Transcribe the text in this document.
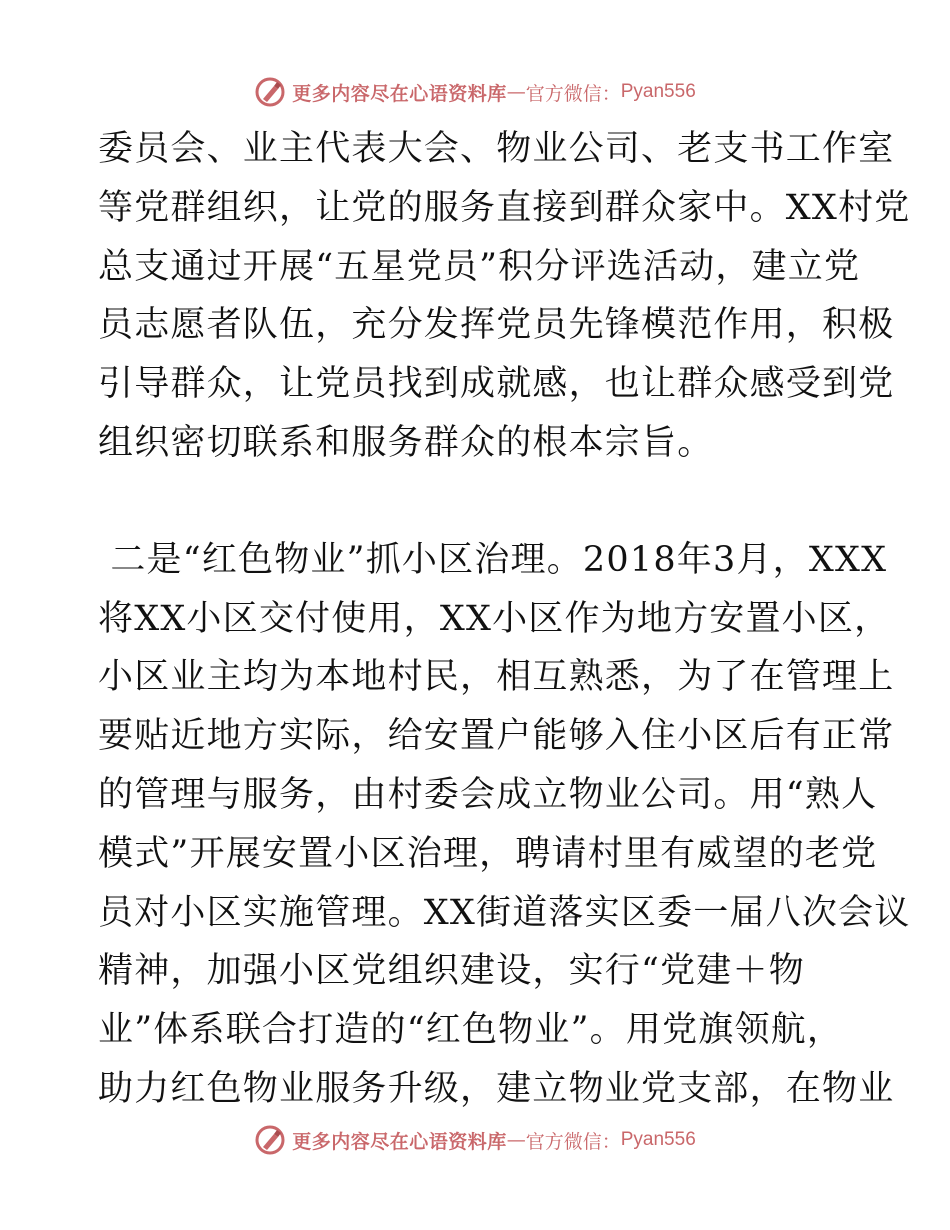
更多内容尽在心语资料库 — 官方微信： Pyan556
委员会、业主代表大会、物业公司、老支书工作室
等党群组织，让党的服务直接到群众家中。XX村党
总支通过开展“五星党员”积分评选活动，建立党
员志愿者队伍，充分发挥党员先锋模范作用，积极
引导群众，让党员找到成就感，也让群众感受到党
组织密切联系和服务群众的根本宗旨。
二是“红色物业”抓小区治理。2018年3月，XXX
将XX小区交付使用，XX小区作为地方安置小区，
小区业主均为本地村民，相互熟悉，为了在管理上
要贴近地方实际，给安置户能够入住小区后有正常
的管理与服务，由村委会成立物业公司。用“熟人
模式”开展安置小区治理，聘请村里有威望的老党
员对小区实施管理。XX街道落实区委一届八次会议
精神，加强小区党组织建设，实行“党建＋物
业”体系联合打造的“红色物业”。用党旗领航，
助力红色物业服务升级，建立物业党支部，在物业
更多内容尽在心语资料库 — 官方微信： Pyan556
